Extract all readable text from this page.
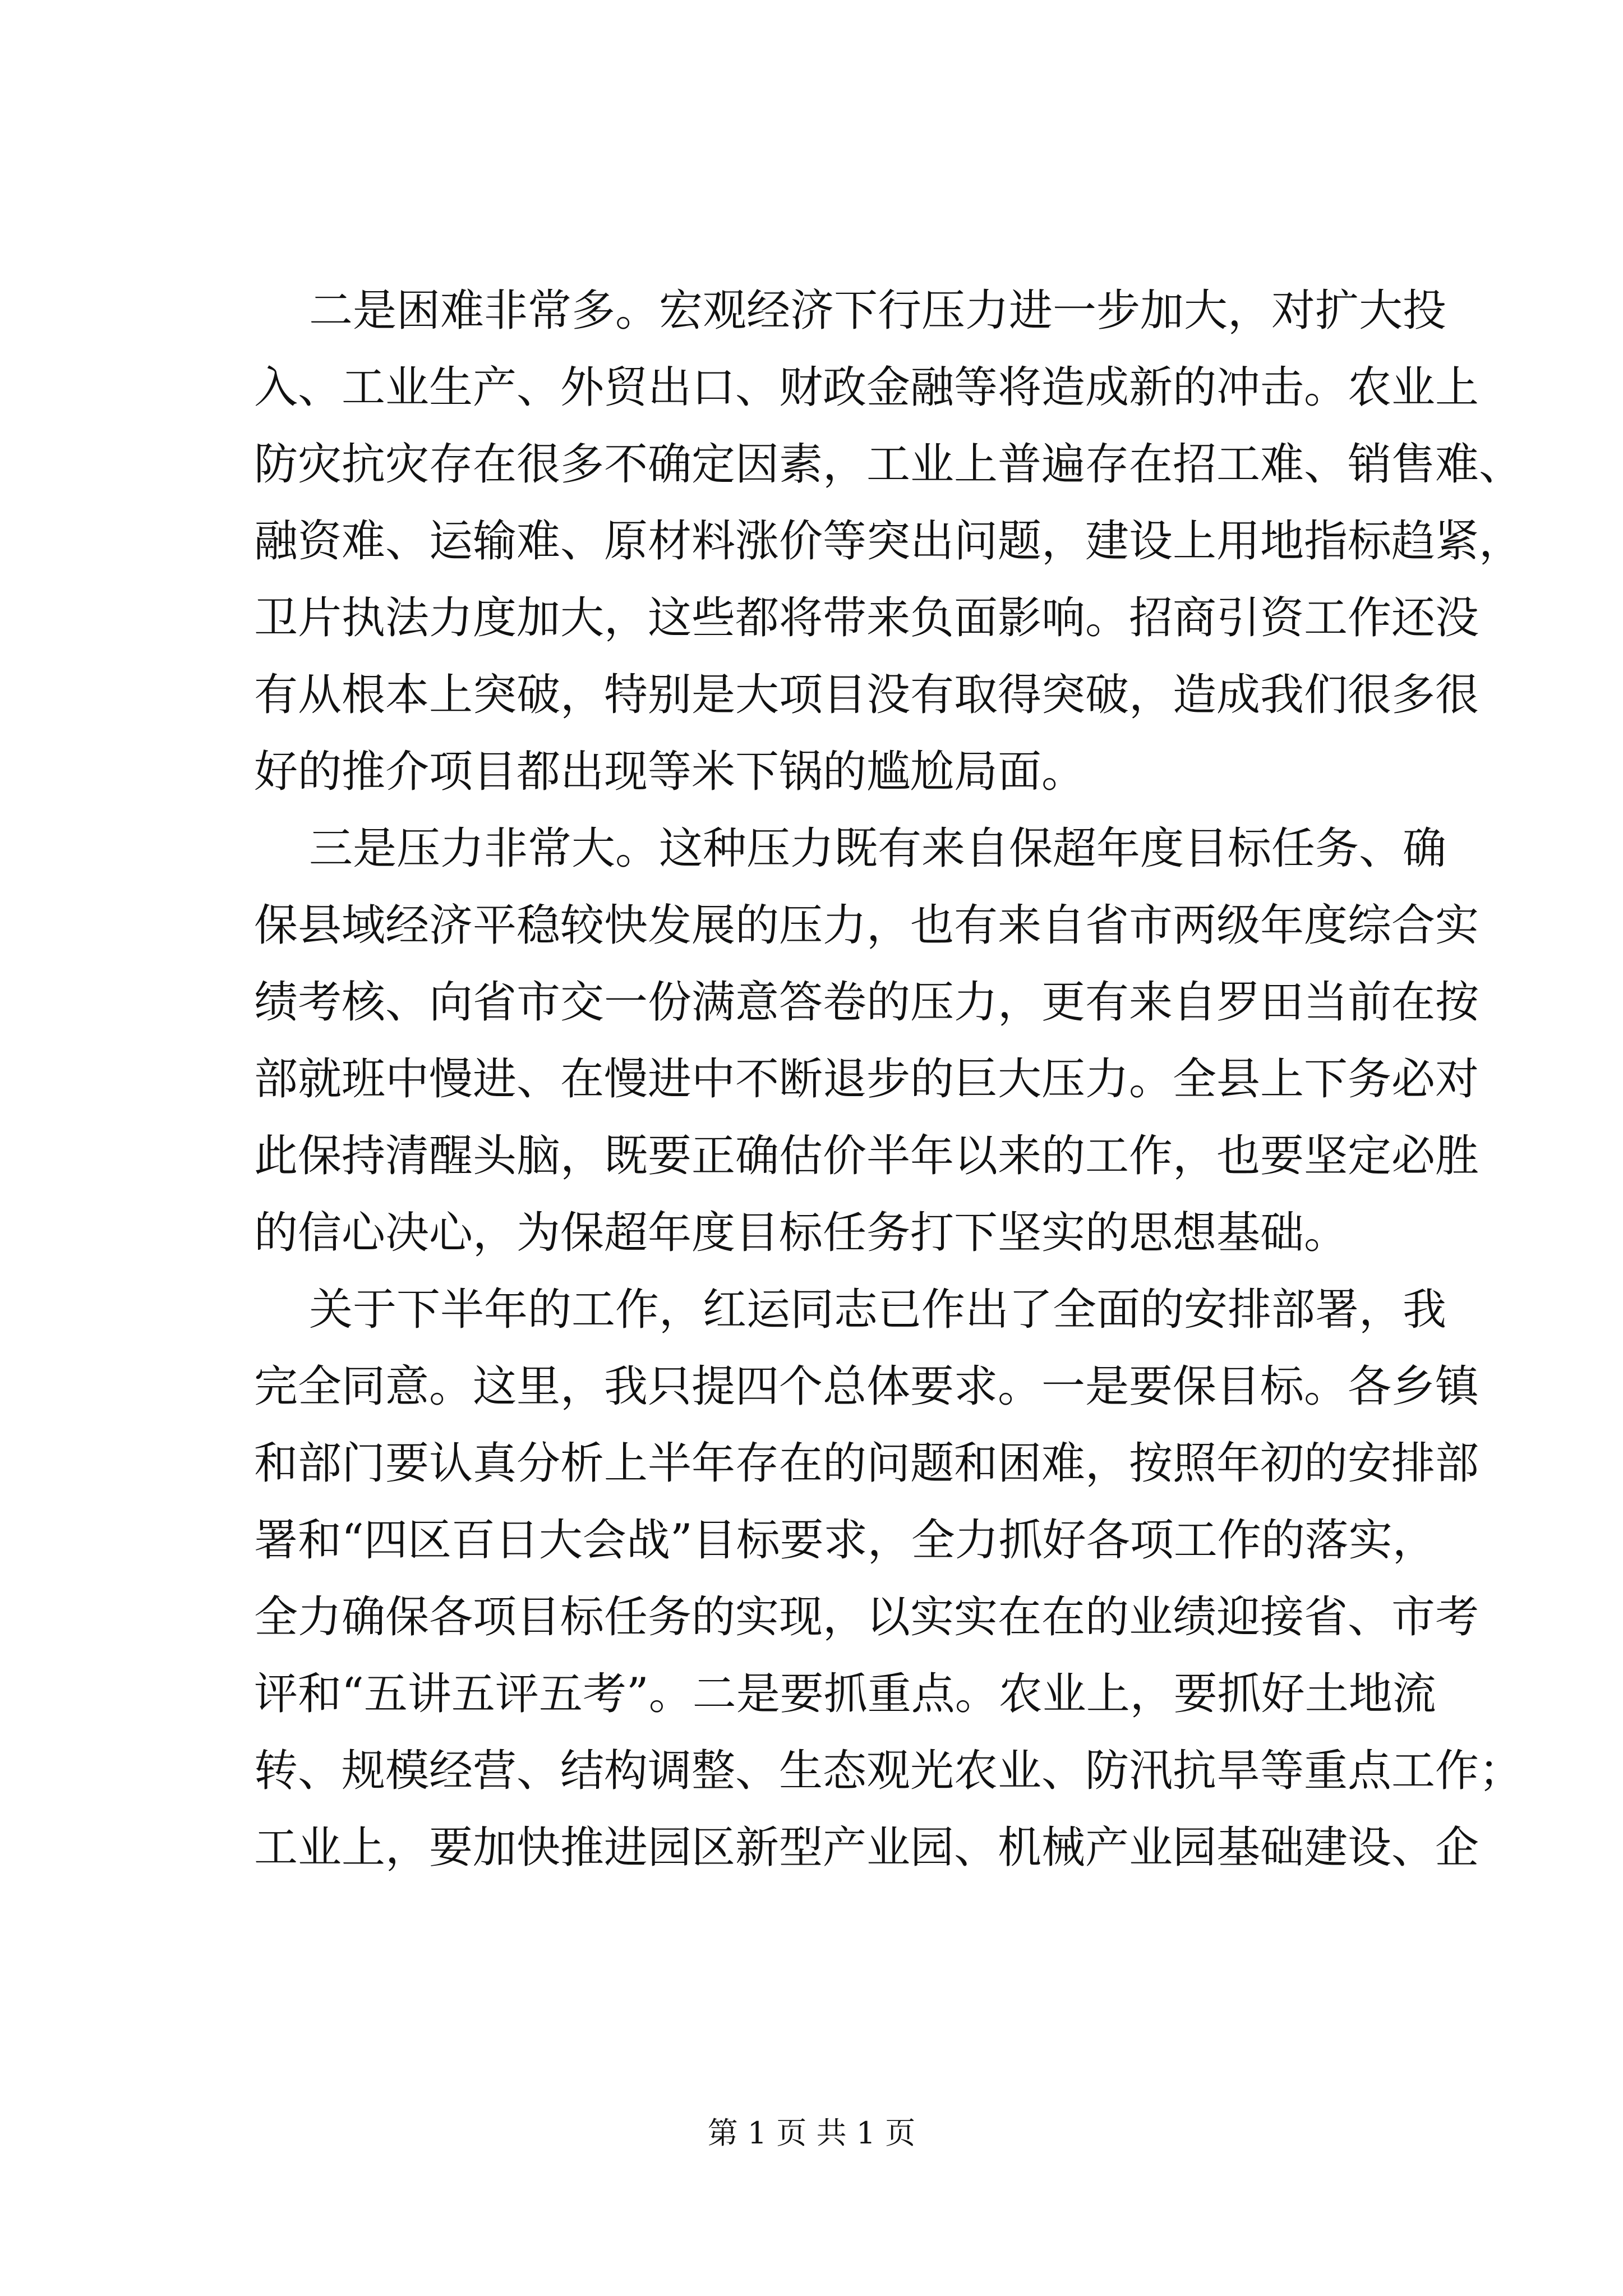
二是困难非常多。宏观经济下行压力进一步加大，对扩大投
入、工业生产、外贸出口、财政金融等将造成新的冲击。农业上
防灾抗灾存在很多不确定因素，工业上普遍存在招工难、销售难、
融资难、运输难、原材料涨价等突出问题，建设上用地指标趋紧，
卫片执法力度加大，这些都将带来负面影响。招商引资工作还没
有从根本上突破，特别是大项目没有取得突破，造成我们很多很
好的推介项目都出现等米下锅的尴尬局面。
三是压力非常大。这种压力既有来自保超年度目标任务、确
保县域经济平稳较快发展的压力，也有来自省市两级年度综合实
绩考核、向省市交一份满意答卷的压力，更有来自罗田当前在按
部就班中慢进、在慢进中不断退步的巨大压力。全县上下务必对
此保持清醒头脑，既要正确估价半年以来的工作，也要坚定必胜
的信心决心，为保超年度目标任务打下坚实的思想基础。
关于下半年的工作，红运同志已作出了全面的安排部署，我
完全同意。这里，我只提四个总体要求。一是要保目标。各乡镇
和部门要认真分析上半年存在的问题和困难，按照年初的安排部
署和“四区百日大会战”目标要求，全力抓好各项工作的落实，
全力确保各项目标任务的实现，以实实在在的业绩迎接省、市考
评和“五讲五评五考”。二是要抓重点。农业上，要抓好土地流
转、规模经营、结构调整、生态观光农业、防汛抗旱等重点工作；
工业上，要加快推进园区新型产业园、机械产业园基础建设、企
第 1 页 共 1 页
